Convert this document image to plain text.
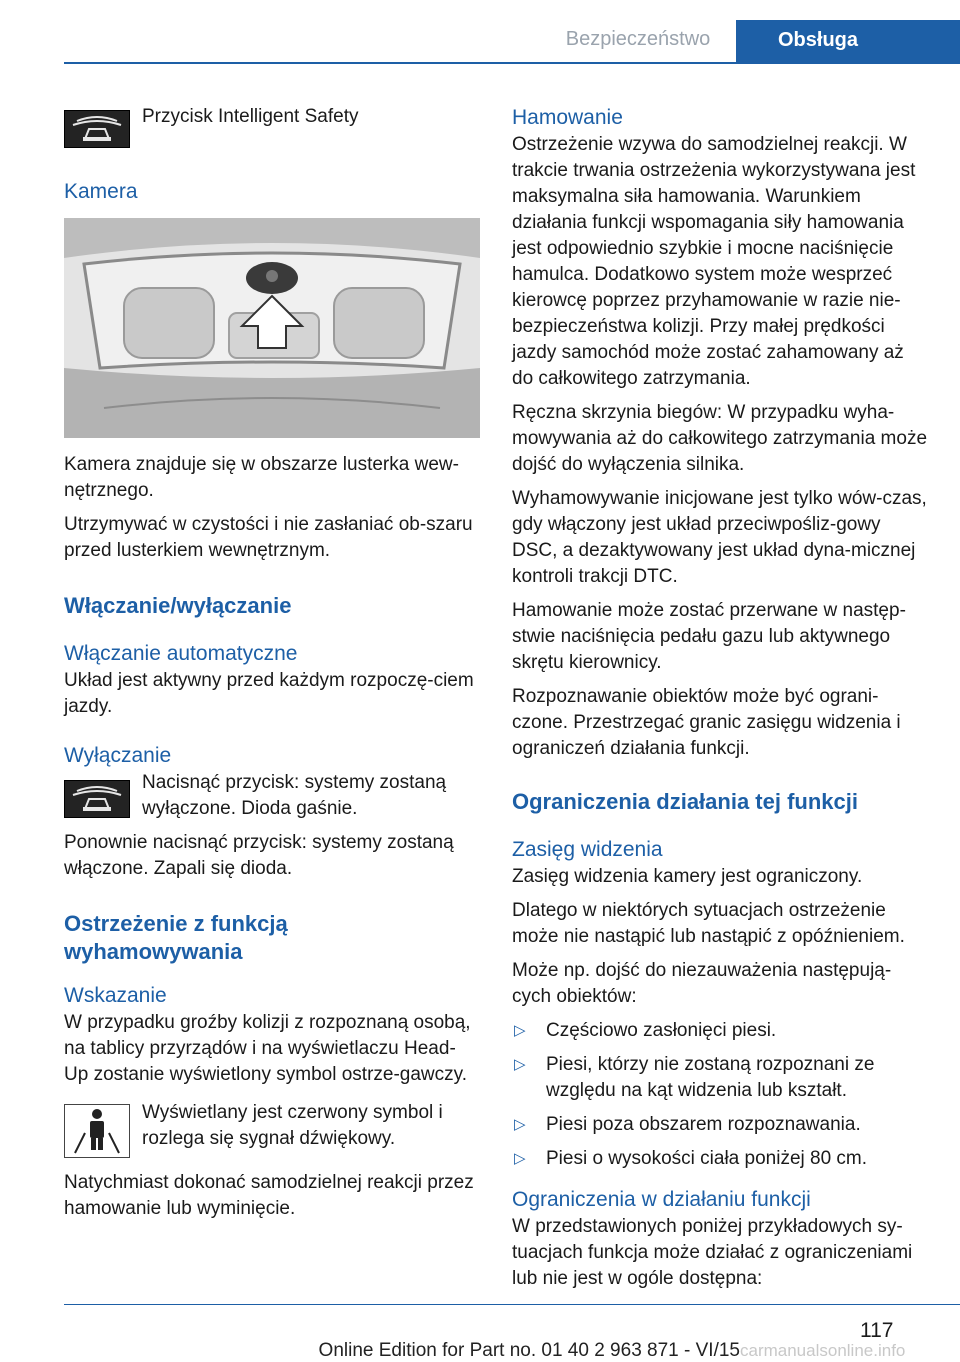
Bezpieczeństwo	Obsługa
Przycisk Intelligent Safety
Kamera

Kamera znajduje się w obszarze lusterka wew-nętrznego.

Utrzymywać w czystości i nie zasłaniać ob-szaru przed lusterkiem wewnętrznym.

Włączanie/wyłączanie
Włączanie automatyczne

Układ jest aktywny przed każdym rozpoczę-ciem jazdy.

Wyłączanie
Nacisnąć przycisk: systemy zostaną wyłączone. Dioda gaśnie.

Ponownie nacisnąć przycisk: systemy zostaną włączone. Zapali się dioda.

Ostrzeżenie z funkcją wyhamowywania
Wskazanie

W przypadku groźby kolizji z rozpoznaną osobą, na tablicy przyrządów i na wyświetlaczu Head-Up zostanie wyświetlony symbol ostrze-gawczy.

Wyświetlany jest czerwony symbol i rozlega się sygnał dźwiękowy.

Natychmiast dokonać samodzielnej reakcji przez hamowanie lub wyminięcie.

Hamowanie

Ostrzeżenie wzywa do samodzielnej reakcji. W trakcie trwania ostrzeżenia wykorzystywana jest maksymalna siła hamowania. Warunkiem działania funkcji wspomagania siły hamowania jest odpowiednio szybkie i mocne naciśnięcie hamulca. Dodatkowo system może wesprzeć kierowcę poprzez przyhamowanie w razie nie-bezpieczeństwa kolizji. Przy małej prędkości jazdy samochód może zostać zahamowany aż do całkowitego zatrzymania.

Ręczna skrzynia biegów: W przypadku wyha-mowywania aż do całkowitego zatrzymania może dojść do wyłączenia silnika.

Wyhamowywanie inicjowane jest tylko wów-czas, gdy włączony jest układ przeciwpośliz-gowy DSC, a dezaktywowany jest układ dyna-micznej kontroli trakcji DTC.

Hamowanie może zostać przerwane w następ-stwie naciśnięcia pedału gazu lub aktywnego skrętu kierownicy.

Rozpoznawanie obiektów może być ograni-czone. Przestrzegać granic zasięgu widzenia i ograniczeń działania funkcji.

Ograniczenia działania tej funkcji
Zasięg widzenia

Zasięg widzenia kamery jest ograniczony.

Dlatego w niektórych sytuacjach ostrzeżenie może nie nastąpić lub nastąpić z opóźnieniem.

Może np. dojść do niezauważenia następują-cych obiektów:

▷ Częściowo zasłonięci piesi.
▷ Piesi, którzy nie zostaną rozpoznani ze względu na kąt widzenia lub kształt.
▷ Piesi poza obszarem rozpoznawania.
▷ Piesi o wysokości ciała poniżej 80 cm.
Ograniczenia w działaniu funkcji

W przedstawionych poniżej przykładowych sy-tuacjach funkcja może działać z ograniczeniami lub nie jest w ogóle dostępna:

117
Online Edition for Part no. 01 40 2 963 871 - VI/15 carmanualsonline.info
